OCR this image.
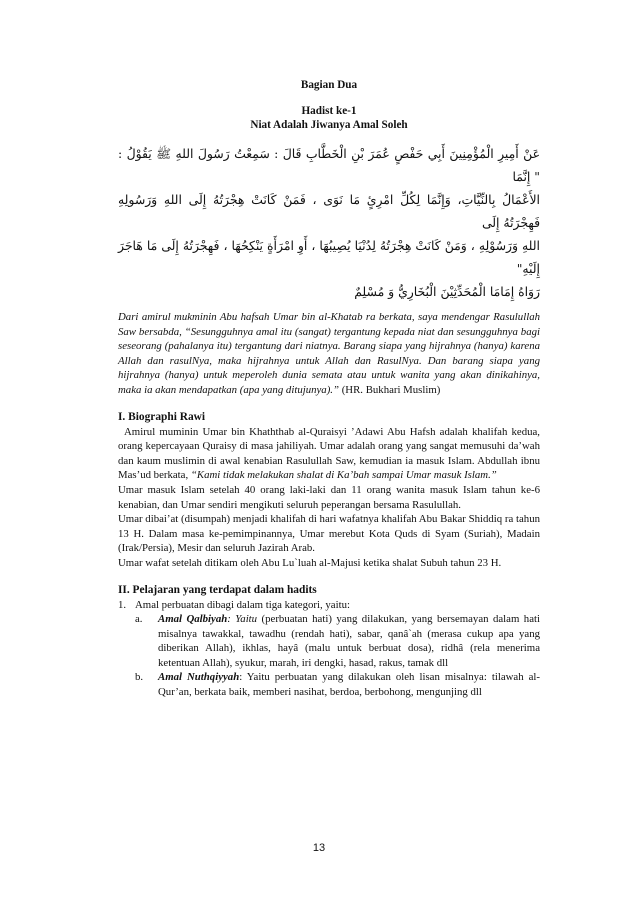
Bagian Dua
Hadist ke-1
Niat Adalah Jiwanya Amal Soleh

عَنْ أَمِيرِ الْمُؤْمِنِينَ أَبِي حَفْصٍ عُمَرَ بْنِ الْخَطَّابِ قَالَ : سَمِعْتُ رَسُولَ اللهِ ﷺ يَقُوْلُ : " إِنَّمَا

الأَعْمَالُ بِالنِّيَّاتِ، وَإِنَّمَا لِكُلِّ امْرِئٍ مَا نَوَى ، فَمَنْ كَانَتْ هِجْرَتُهُ إِلَى اللهِ وَرَسُولِهِ فَهِجْرَتُهُ إِلَى

اللهِ وَرَسُوْلِهِ ، وَمَنْ كَانَتْ هِجْرَتُهُ لِدُنْيَا يُصِيبُهَا ، أَوِ امْرَأَةٍ يَنْكِحُهَا ، فَهِجْرَتُهُ إِلَى مَا هَاجَرَ إِلَيْهِ"

رَوَاهُ إِمَامَا الْمُحَدِّثِيْنَ الْبُخَارِيُّ وَ مُسْلِمٌ

Dari amirul mukminin Abu hafsah Umar bin al-Khatab ra berkata, saya mendengar Rasulullah Saw bersabda, “Sesungguhnya amal itu (sangat) tergantung kepada niat dan sesungguhnya bagi seseorang (pahalanya itu) tergantung dari niatnya. Barang siapa yang hijrahnya (hanya) karena Allah dan rasulNya, maka hijrahnya untuk Allah dan RasulNya. Dan barang siapa yang hijrahnya (hanya) untuk meperoleh dunia semata atau untuk wanita yang akan dinikahinya, maka ia akan mendapatkan (apa yang ditujunya).” (HR. Bukhari Muslim)
I. Biographi Rawi

Amirul muminin Umar bin Khaththab al-Quraisyi ’Adawi Abu Hafsh adalah khalifah kedua, orang kepercayaan Quraisy di masa jahiliyah. Umar adalah orang yang sangat memusuhi da’wah dan kaum muslimin di awal kenabian Rasulullah Saw, kemudian ia masuk Islam. Abdullah ibnu Mas’ud berkata, “Kami tidak melakukan shalat di Ka’bah sampai Umar masuk Islam.”

Umar masuk Islam setelah 40 orang laki-laki dan 11 orang wanita masuk Islam tahun ke-6 kenabian, dan Umar sendiri mengikuti seluruh peperangan bersama Rasulullah.

Umar dibai’at (disumpah) menjadi khalifah di hari wafatnya khalifah Abu Bakar Shiddiq ra tahun 13 H. Dalam masa ke-pemimpinannya, Umar merebut Kota Quds di Syam (Suriah), Madain (Irak/Persia), Mesir dan seluruh Jazirah Arab.

Umar wafat setelah ditikam oleh Abu Lu`luah al-Majusi ketika shalat Subuh tahun 23 H.

II. Pelajaran yang terdapat dalam hadits
1. Amal perbuatan dibagi dalam tiga kategori, yaitu:
a.	Amal Qalbiyah: Yaitu (perbuatan hati) yang dilakukan, yang bersemayan dalam hati misalnya tawakkal, tawadhu (rendah hati), sabar, qanâ`ah (merasa cukup apa yang diberikan Allah), ikhlas, hayâ (malu untuk berbuat dosa), ridhâ (rela menerima ketentuan Allah), syukur, marah, iri dengki, hasad, rakus, tamak dll
b.	Amal Nuthqiyyah: Yaitu perbuatan yang dilakukan oleh lisan misalnya: tilawah al-Qur’an, berkata baik, memberi nasihat, berdoa, berbohong, mengunjing dll
13
